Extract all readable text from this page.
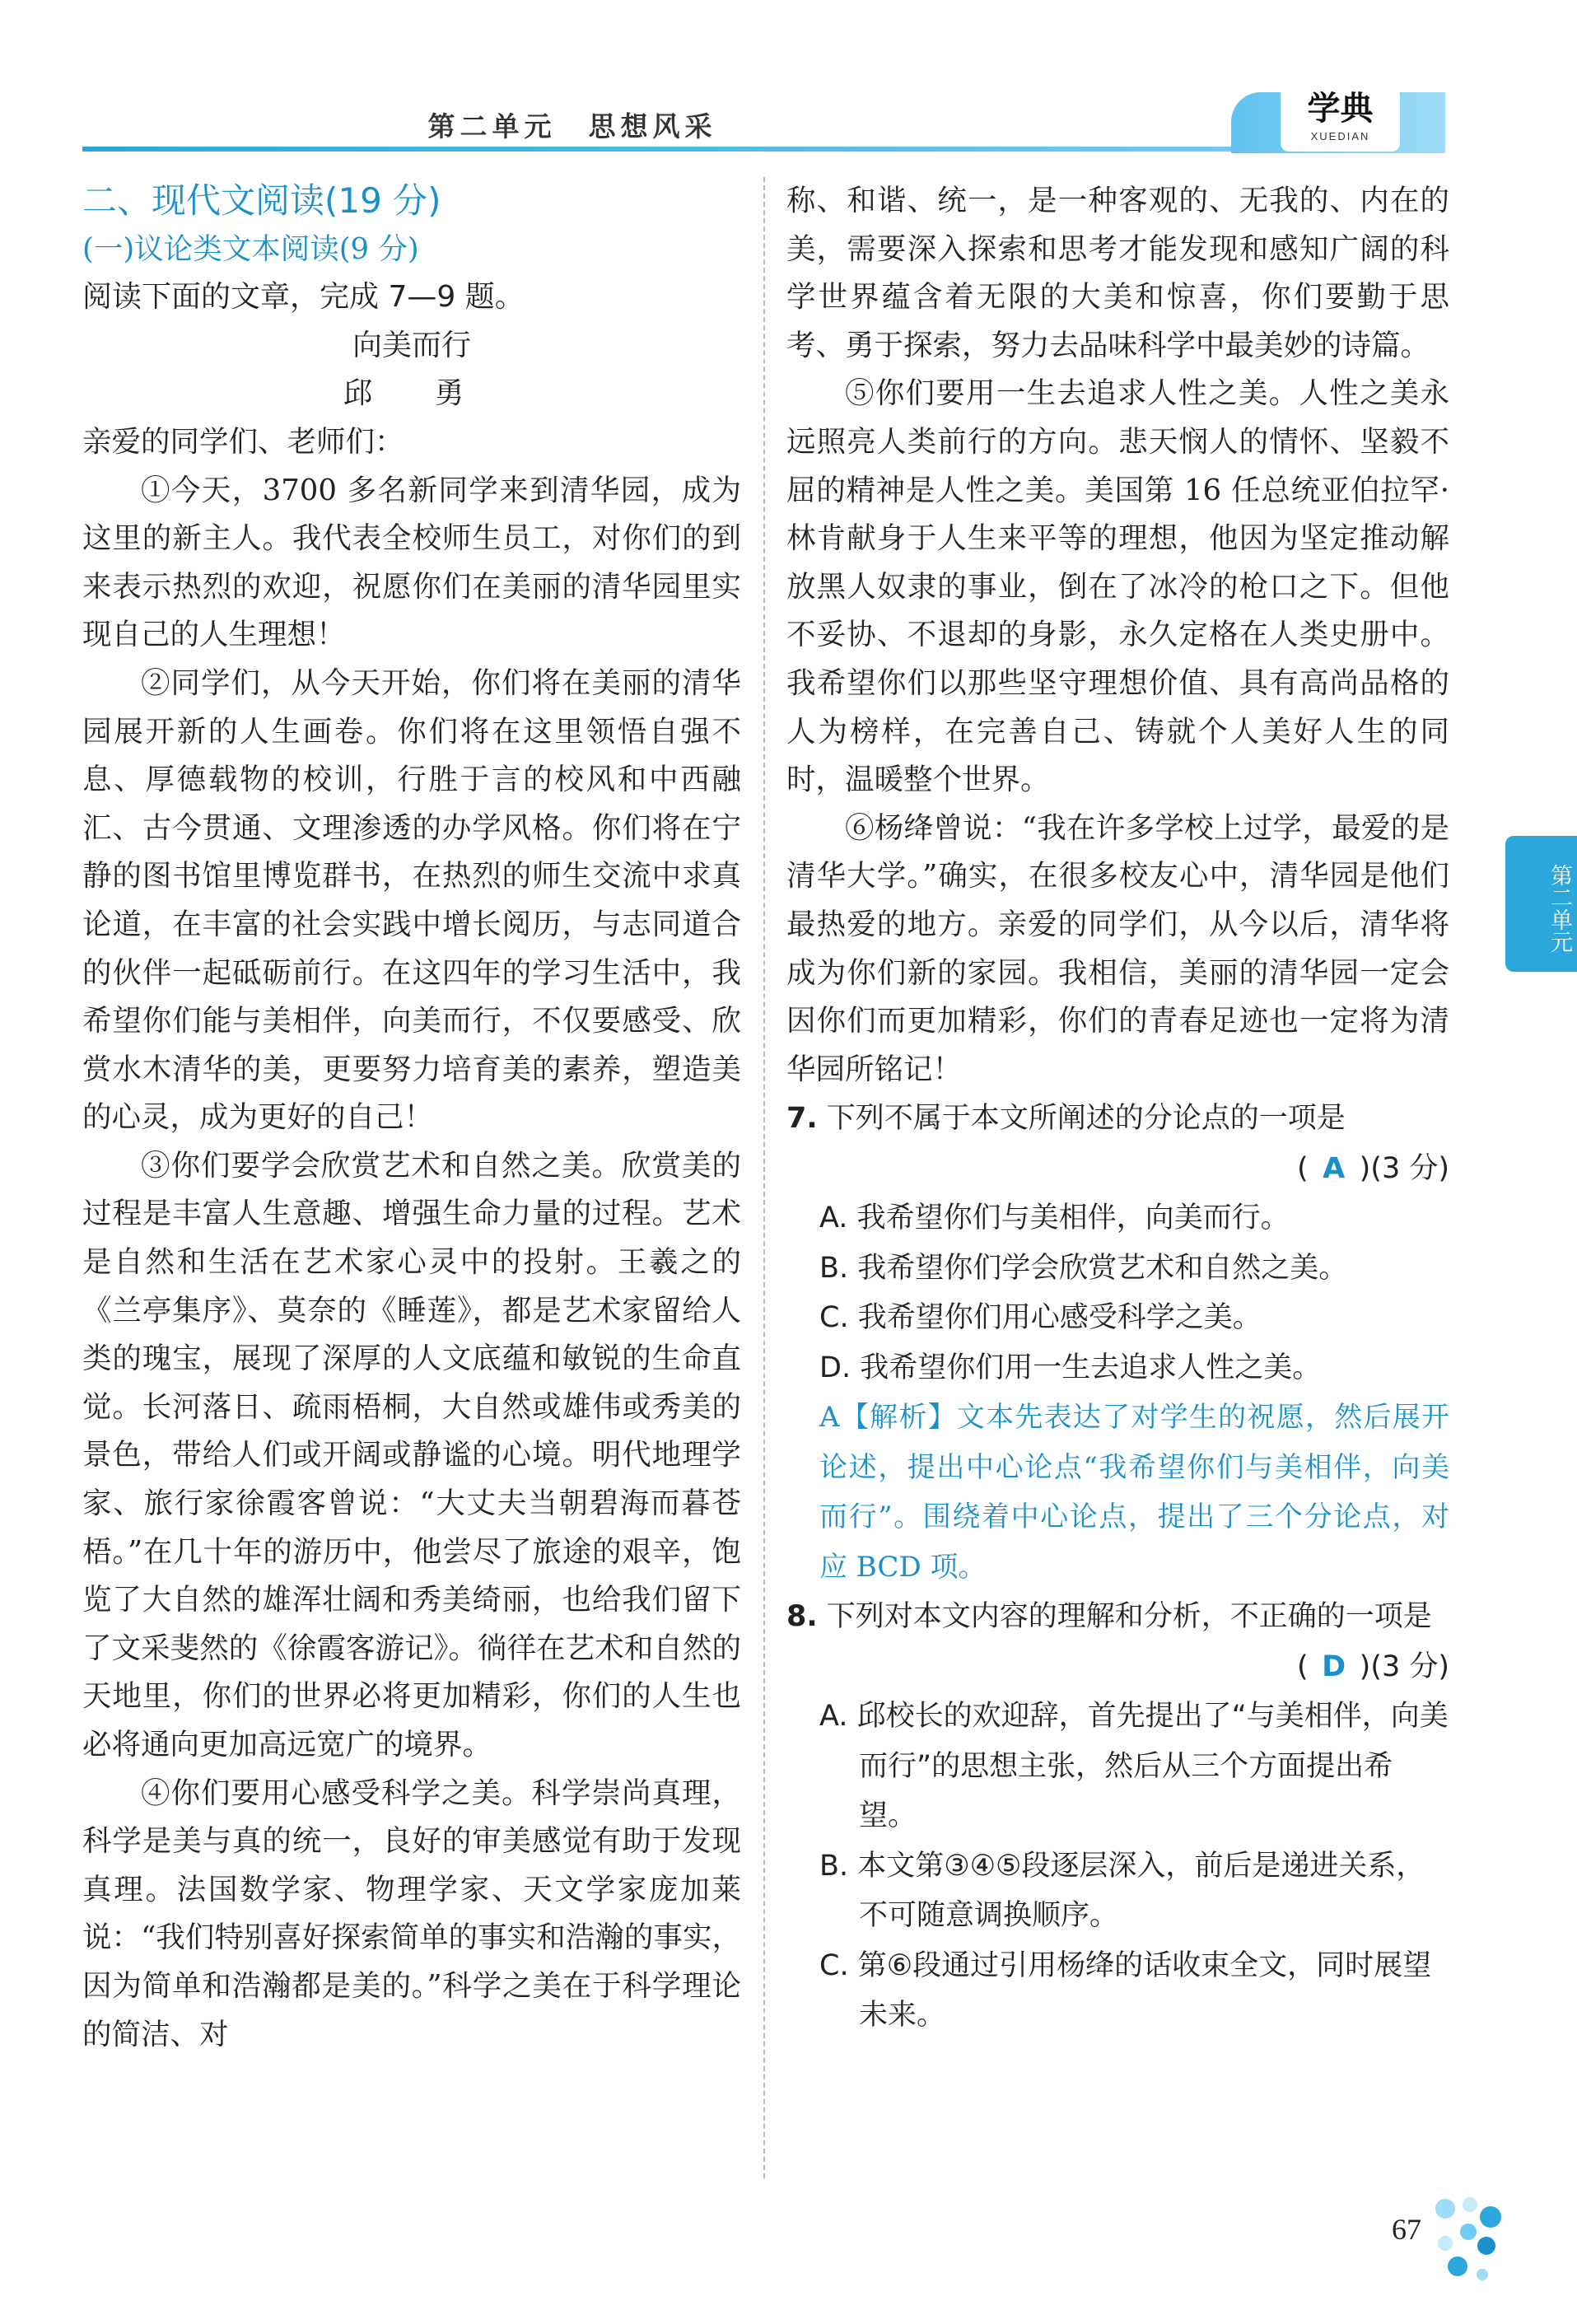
第二单元　思想风采	学典
XUEDIAN

二、现代文阅读(19 分)

(一)议论类文本阅读(9 分)

阅读下面的文章，完成 7—9 题。

向美而行

邱　勇

亲爱的同学们、老师们：

①今天，3700 多名新同学来到清华园，成为这里的新主人。我代表全校师生员工，对你们的到来表示热烈的欢迎，祝愿你们在美丽的清华园里实现自己的人生理想！

②同学们，从今天开始，你们将在美丽的清华园展开新的人生画卷。你们将在这里领悟自强不息、厚德载物的校训，行胜于言的校风和中西融汇、古今贯通、文理渗透的办学风格。你们将在宁静的图书馆里博览群书，在热烈的师生交流中求真论道，在丰富的社会实践中增长阅历，与志同道合的伙伴一起砥砺前行。在这四年的学习生活中，我希望你们能与美相伴，向美而行，不仅要感受、欣赏水木清华的美，更要努力培育美的素养，塑造美的心灵，成为更好的自己！

③你们要学会欣赏艺术和自然之美。欣赏美的过程是丰富人生意趣、增强生命力量的过程。艺术是自然和生活在艺术家心灵中的投射。王羲之的《兰亭集序》、莫奈的《睡莲》，都是艺术家留给人类的瑰宝，展现了深厚的人文底蕴和敏锐的生命直觉。长河落日、疏雨梧桐，大自然或雄伟或秀美的景色，带给人们或开阔或静谧的心境。明代地理学家、旅行家徐霞客曾说：“大丈夫当朝碧海而暮苍梧。”在几十年的游历中，他尝尽了旅途的艰辛，饱览了大自然的雄浑壮阔和秀美绮丽，也给我们留下了文采斐然的《徐霞客游记》。徜徉在艺术和自然的天地里，你们的世界必将更加精彩，你们的人生也必将通向更加高远宽广的境界。

④你们要用心感受科学之美。科学崇尚真理，科学是美与真的统一，良好的审美感觉有助于发现真理。法国数学家、物理学家、天文学家庞加莱说：“我们特别喜好探索简单的事实和浩瀚的事实，因为简单和浩瀚都是美的。”科学之美在于科学理论的简洁、对

称、和谐、统一，是一种客观的、无我的、内在的美，需要深入探索和思考才能发现和感知广阔的科学世界蕴含着无限的大美和惊喜，你们要勤于思考、勇于探索，努力去品味科学中最美妙的诗篇。

⑤你们要用一生去追求人性之美。人性之美永远照亮人类前行的方向。悲天悯人的情怀、坚毅不屈的精神是人性之美。美国第 16 任总统亚伯拉罕·林肯献身于人生来平等的理想，他因为坚定推动解放黑人奴隶的事业，倒在了冰冷的枪口之下。但他不妥协、不退却的身影，永久定格在人类史册中。我希望你们以那些坚守理想价值、具有高尚品格的人为榜样，在完善自己、铸就个人美好人生的同时，温暖整个世界。

⑥杨绛曾说：“我在许多学校上过学，最爱的是清华大学。”确实，在很多校友心中，清华园是他们最热爱的地方。亲爱的同学们，从今以后，清华将成为你们新的家园。我相信，美丽的清华园一定会因你们而更加精彩，你们的青春足迹也一定将为清华园所铭记！

7. 下列不属于本文所阐述的分论点的一项是

( A )(3 分)

A. 我希望你们与美相伴，向美而行。

B. 我希望你们学会欣赏艺术和自然之美。

C. 我希望你们用心感受科学之美。

D. 我希望你们用一生去追求人性之美。

A【解析】文本先表达了对学生的祝愿，然后展开论述，提出中心论点“我希望你们与美相伴，向美而行”。围绕着中心论点，提出了三个分论点，对应 BCD 项。

8. 下列对本文内容的理解和分析，不正确的一项是

( D )(3 分)

A. 邱校长的欢迎辞，首先提出了“与美相伴，向美而行”的思想主张，然后从三个方面提出希望。

B. 本文第③④⑤段逐层深入，前后是递进关系，不可随意调换顺序。

C. 第⑥段通过引用杨绛的话收束全文，同时展望未来。

第二单元
67
